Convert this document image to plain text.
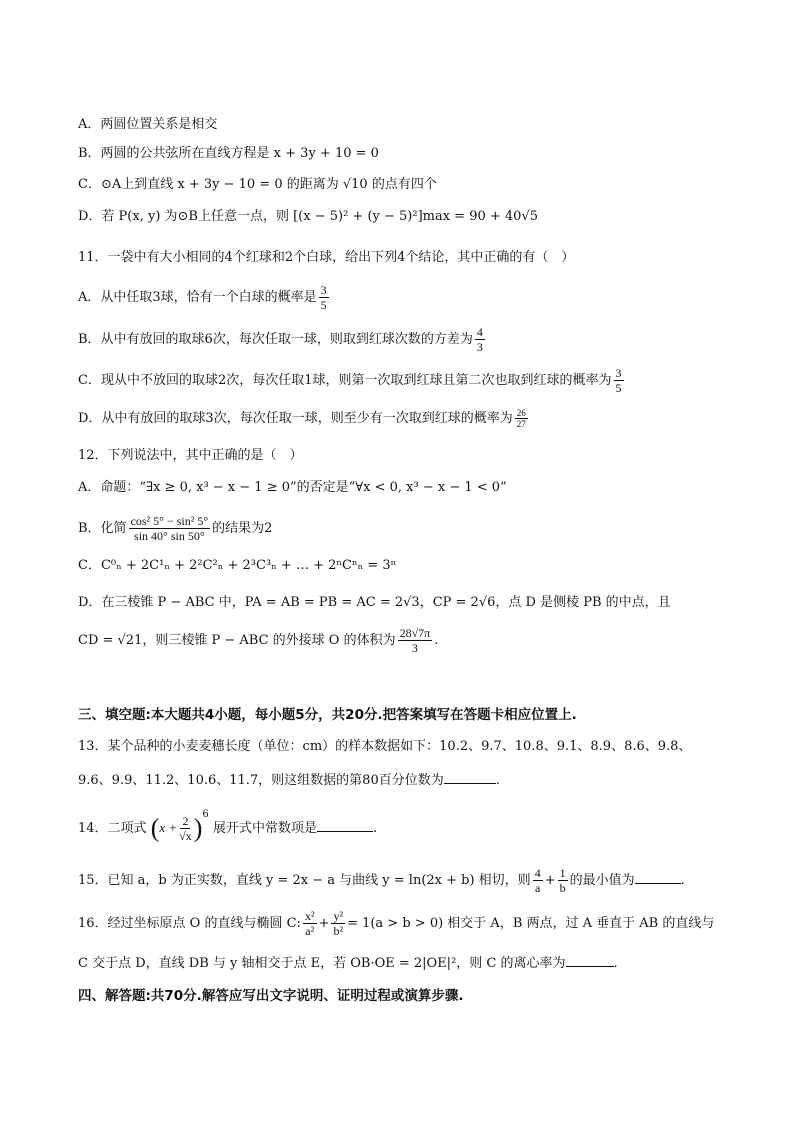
A．两圆位置关系是相交
B．两圆的公共弦所在直线方程是 x + 3y + 10 = 0
C．⊙A上到直线 x + 3y − 10 = 0 的距离为 √10 的点有四个
D．若 P(x, y) 为⊙B上任意一点，则 [(x − 5)² + (y − 5)²]max = 90 + 40√5
11．一袋中有大小相同的4个红球和2个白球，给出下列4个结论，其中正确的有（　）
A．从中任取3球，恰有一个白球的概率是 $\frac{3}{5}$
B．从中有放回的取球6次，每次任取一球，则取到红球次数的方差为 $\frac{4}{3}$
C．现从中不放回的取球2次，每次任取1球，则第一次取到红球且第二次也取到红球的概率为 $\frac{3}{5}$
D．从中有放回的取球3次，每次任取一球，则至少有一次取到红球的概率为 $\frac{26}{27}$
12．下列说法中，其中正确的是（　）
A．命题：“∃x ≥ 0, x³ − x − 1 ≥ 0”的否定是“∀x < 0, x³ − x − 1 < 0”
B．化简 $\frac{\text{cos² 5° − sin² 5°}}{\sin 40^\circ \sin 50^\circ}$ 的结果为2
C．C⁰ₙ + 2C¹ₙ + 2²C²ₙ + 2³C³ₙ + … + 2ⁿCⁿₙ = 3ⁿ
D．在三棱锥 P − ABC 中，PA = AB = PB = AC = 2√3，CP = 2√6，点 D 是侧棱 PB 的中点，且
CD = √21，则三棱锥 P − ABC 的外接球 O 的体积为 $\frac{28√7\pi}{3}$ .
三、填空题:本大题共4小题，每小题5分，共20分.把答案填写在答题卡相应位置上.
13．某个品种的小麦麦穗长度（单位：cm）的样本数据如下：10.2、9.7、10.8、9.1、8.9、8.6、9.8、
9.6、9.9、11.2、10.6、11.7，则这组数据的第80百分位数为	.
14．二项式 $(x + \frac{2}{√x} )^6$ 展开式中常数项是	.
15．已知 a，b 为正实数，直线 y = 2x − a 与曲线 y = ln(2x + b) 相切，则 $\frac{4}{a} + \frac{1}{b}$ 的最小值为	.
16．经过坐标原点 O 的直线与椭圆 C: $\frac{\text{x²}}{\text{a²}} + \frac{\text{y²}}{\text{b²}} = 1(a > b > 0)$ 相交于 A，B 两点，过 A 垂直于 AB 的直线与
C 交于点 D，直线 DB 与 y 轴相交于点 E，若 OB·OE = 2|OE|²，则 C 的离心率为	.
四、解答题:共70分.解答应写出文字说明、证明过程或演算步骤.
